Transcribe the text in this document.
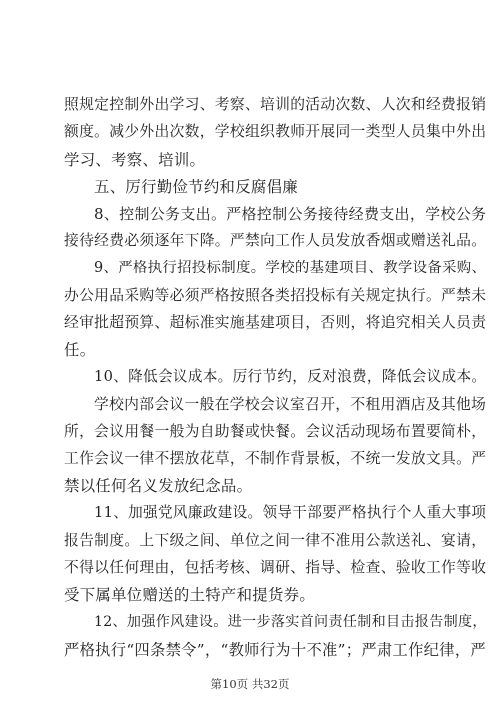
照规定控制外出学习、考察、培训的活动次数、人次和经费报销
额度。减少外出次数，学校组织教师开展同一类型人员集中外出
学习、考察、培训。
五、厉行勤俭节约和反腐倡廉
8、控制公务支出。严格控制公务接待经费支出，学校公务
接待经费必须逐年下降。严禁向工作人员发放香烟或赠送礼品。
9、严格执行招投标制度。学校的基建项目、教学设备采购、
办公用品采购等必须严格按照各类招投标有关规定执行。严禁未
经审批超预算、超标准实施基建项目，否则，将追究相关人员责
任。
10、降低会议成本。厉行节约，反对浪费，降低会议成本。
学校内部会议一般在学校会议室召开，不租用酒店及其他场
所，会议用餐一般为自助餐或快餐。会议活动现场布置要简朴，
工作会议一律不摆放花草，不制作背景板，不统一发放文具。严
禁以任何名义发放纪念品。
11、加强党风廉政建设。领导干部要严格执行个人重大事项
报告制度。上下级之间、单位之间一律不准用公款送礼、宴请，
不得以任何理由，包括考核、调研、指导、检查、验收工作等收
受下属单位赠送的土特产和提货券。
12、加强作风建设。进一步落实首问责任制和目击报告制度，
严格执行“四条禁令”，“教师行为十不准”；严肃工作纪律，严
第10页 共32页
